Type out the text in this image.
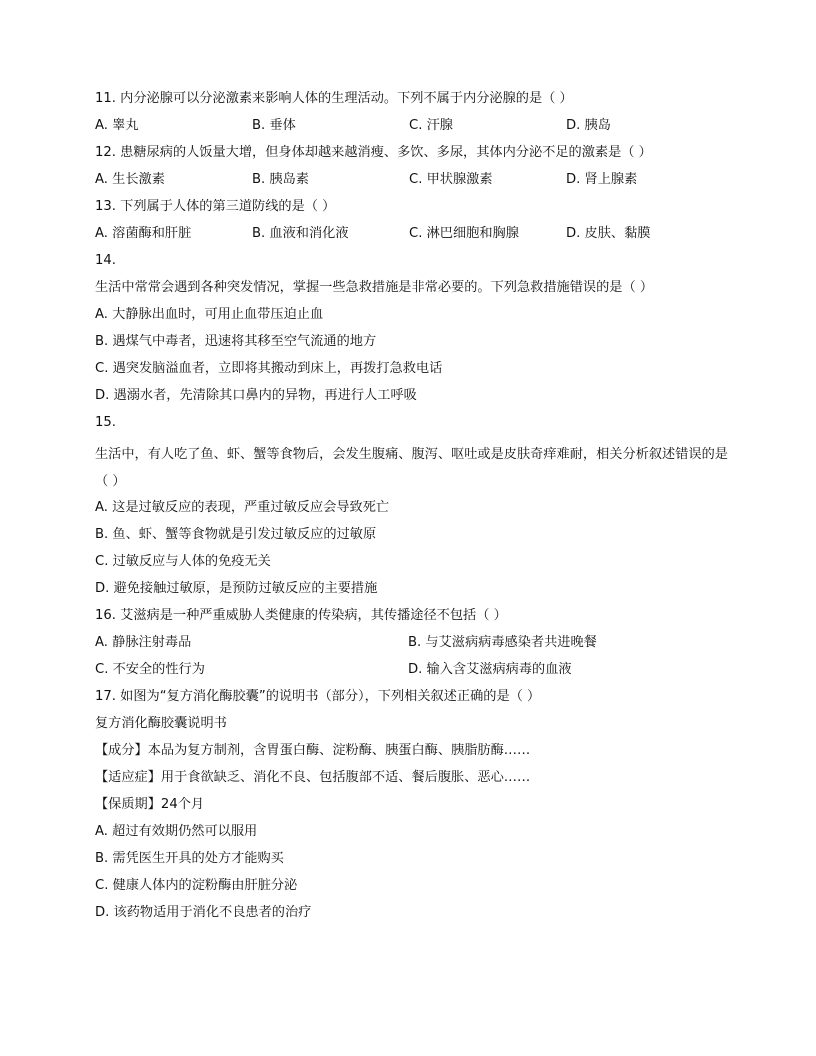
11. 内分泌腺可以分泌激素来影响人体的生理活动。下列不属于内分泌腺的是（ ）
A. 睾丸	B. 垂体	C. 汗腺	D. 胰岛
12. 患糖尿病的人饭量大增，但身体却越来越消瘦、多饮、多尿，其体内分泌不足的激素是（ ）
A. 生长激素	B. 胰岛素	C. 甲状腺激素	D. 肾上腺素
13. 下列属于人体的第三道防线的是（ ）
A. 溶菌酶和肝脏	B. 血液和消化液	C. 淋巴细胞和胸腺	D. 皮肤、黏膜
14.
生活中常常会遇到各种突发情况，掌握一些急救措施是非常必要的。下列急救措施错误的是（ ）
A. 大静脉出血时，可用止血带压迫止血
B. 遇煤气中毒者，迅速将其移至空气流通的地方
C. 遇突发脑溢血者，立即将其搬动到床上，再拨打急救电话
D. 遇溺水者，先清除其口鼻内的异物，再进行人工呼吸
15.
生活中，有人吃了鱼、虾、蟹等食物后，会发生腹痛、腹泻、呕吐或是皮肤奇痒难耐，相关分析叙述错误的是（ ）
A. 这是过敏反应的表现，严重过敏反应会导致死亡
B. 鱼、虾、蟹等食物就是引发过敏反应的过敏原
C. 过敏反应与人体的免疫无关
D. 避免接触过敏原，是预防过敏反应的主要措施
16. 艾滋病是一种严重威胁人类健康的传染病，其传播途径不包括（ ）
A. 静脉注射毒品	B. 与艾滋病病毒感染者共进晚餐
C. 不安全的性行为	D. 输入含艾滋病病毒的血液
17. 如图为“复方消化酶胶囊”的说明书（部分），下列相关叙述正确的是（ ）
复方消化酶胶囊说明书
【成分】本品为复方制剂，含胃蛋白酶、淀粉酶、胰蛋白酶、胰脂肪酶……
【适应症】用于食欲缺乏、消化不良、包括腹部不适、餐后腹胀、恶心……
【保质期】24个月
A. 超过有效期仍然可以服用
B. 需凭医生开具的处方才能购买
C. 健康人体内的淀粉酶由肝脏分泌
D. 该药物适用于消化不良患者的治疗
